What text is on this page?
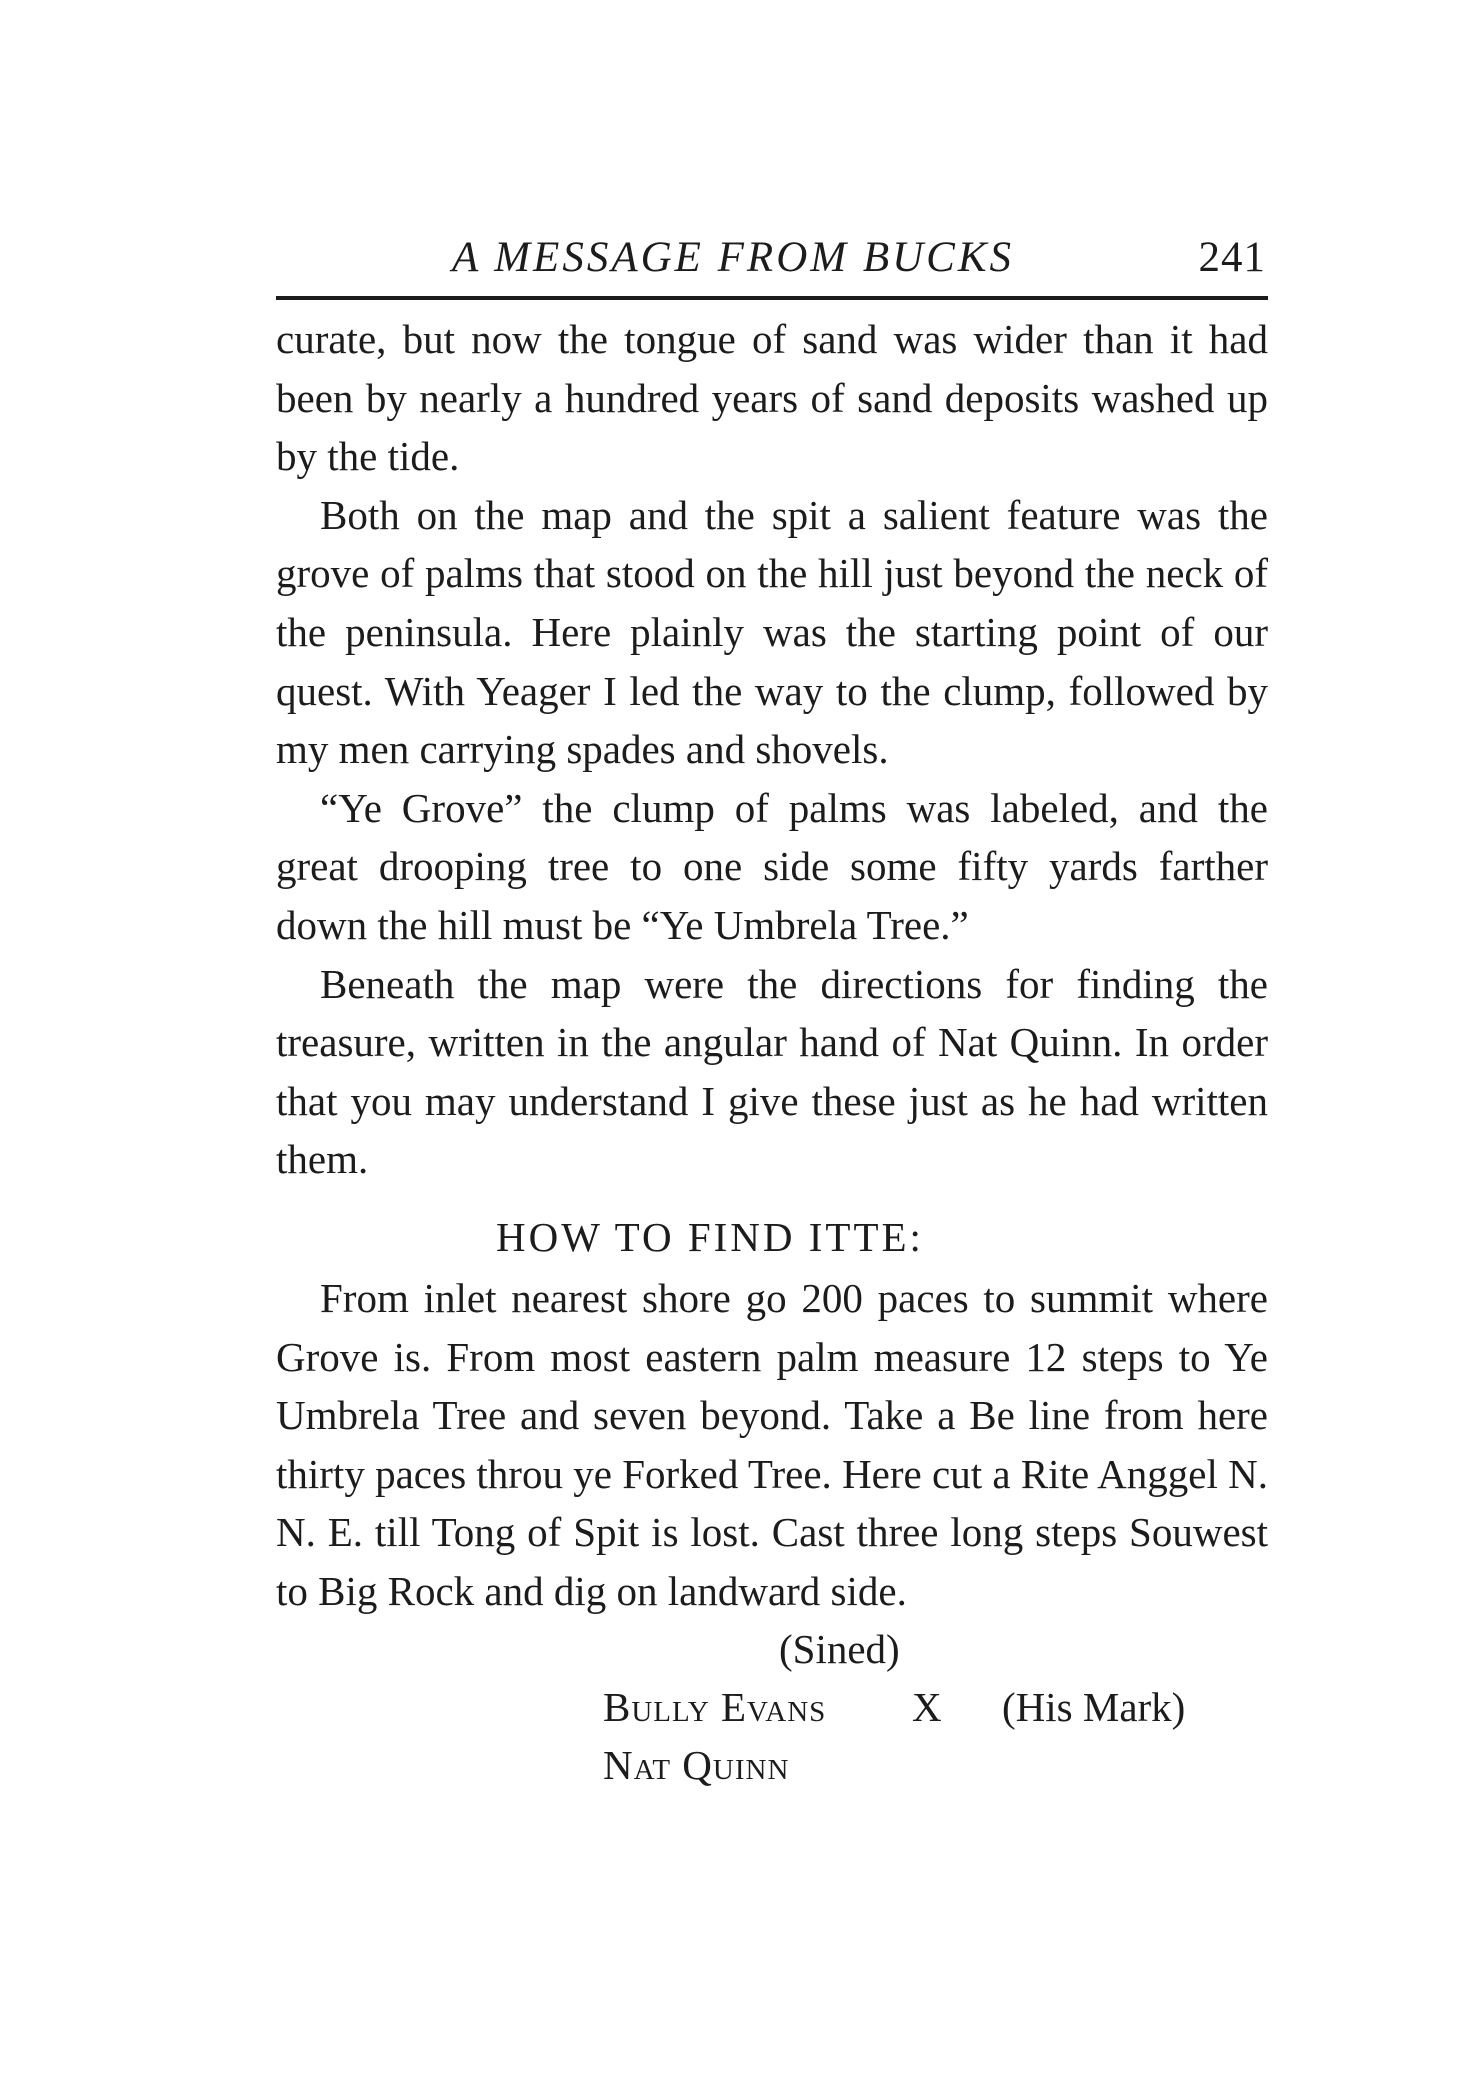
A MESSAGE FROM BUCKS	241

curate, but now the tongue of sand was wider than it had been by nearly a hundred years of sand deposits washed up by the tide.

Both on the map and the spit a salient feature was the grove of palms that stood on the hill just beyond the neck of the peninsula. Here plainly was the starting point of our quest. With Yeager I led the way to the clump, followed by my men carrying spades and shovels.

“Ye Grove” the clump of palms was labeled, and the great drooping tree to one side some fifty yards farther down the hill must be “Ye Umbrela Tree.”

Beneath the map were the directions for finding the treasure, written in the angular hand of Nat Quinn. In order that you may understand I give these just as he had written them.

HOW TO FIND ITTE:

From inlet nearest shore go 200 paces to summit where Grove is. From most eastern palm measure 12 steps to Ye Umbrela Tree and seven beyond. Take a Be line from here thirty paces throu ye Forked Tree. Here cut a Rite Anggel N. N. E. till Tong of Spit is lost. Cast three long steps Souwest to Big Rock and dig on landward side.

(Sined)
Bully Evans X (His Mark)
Nat Quinn
